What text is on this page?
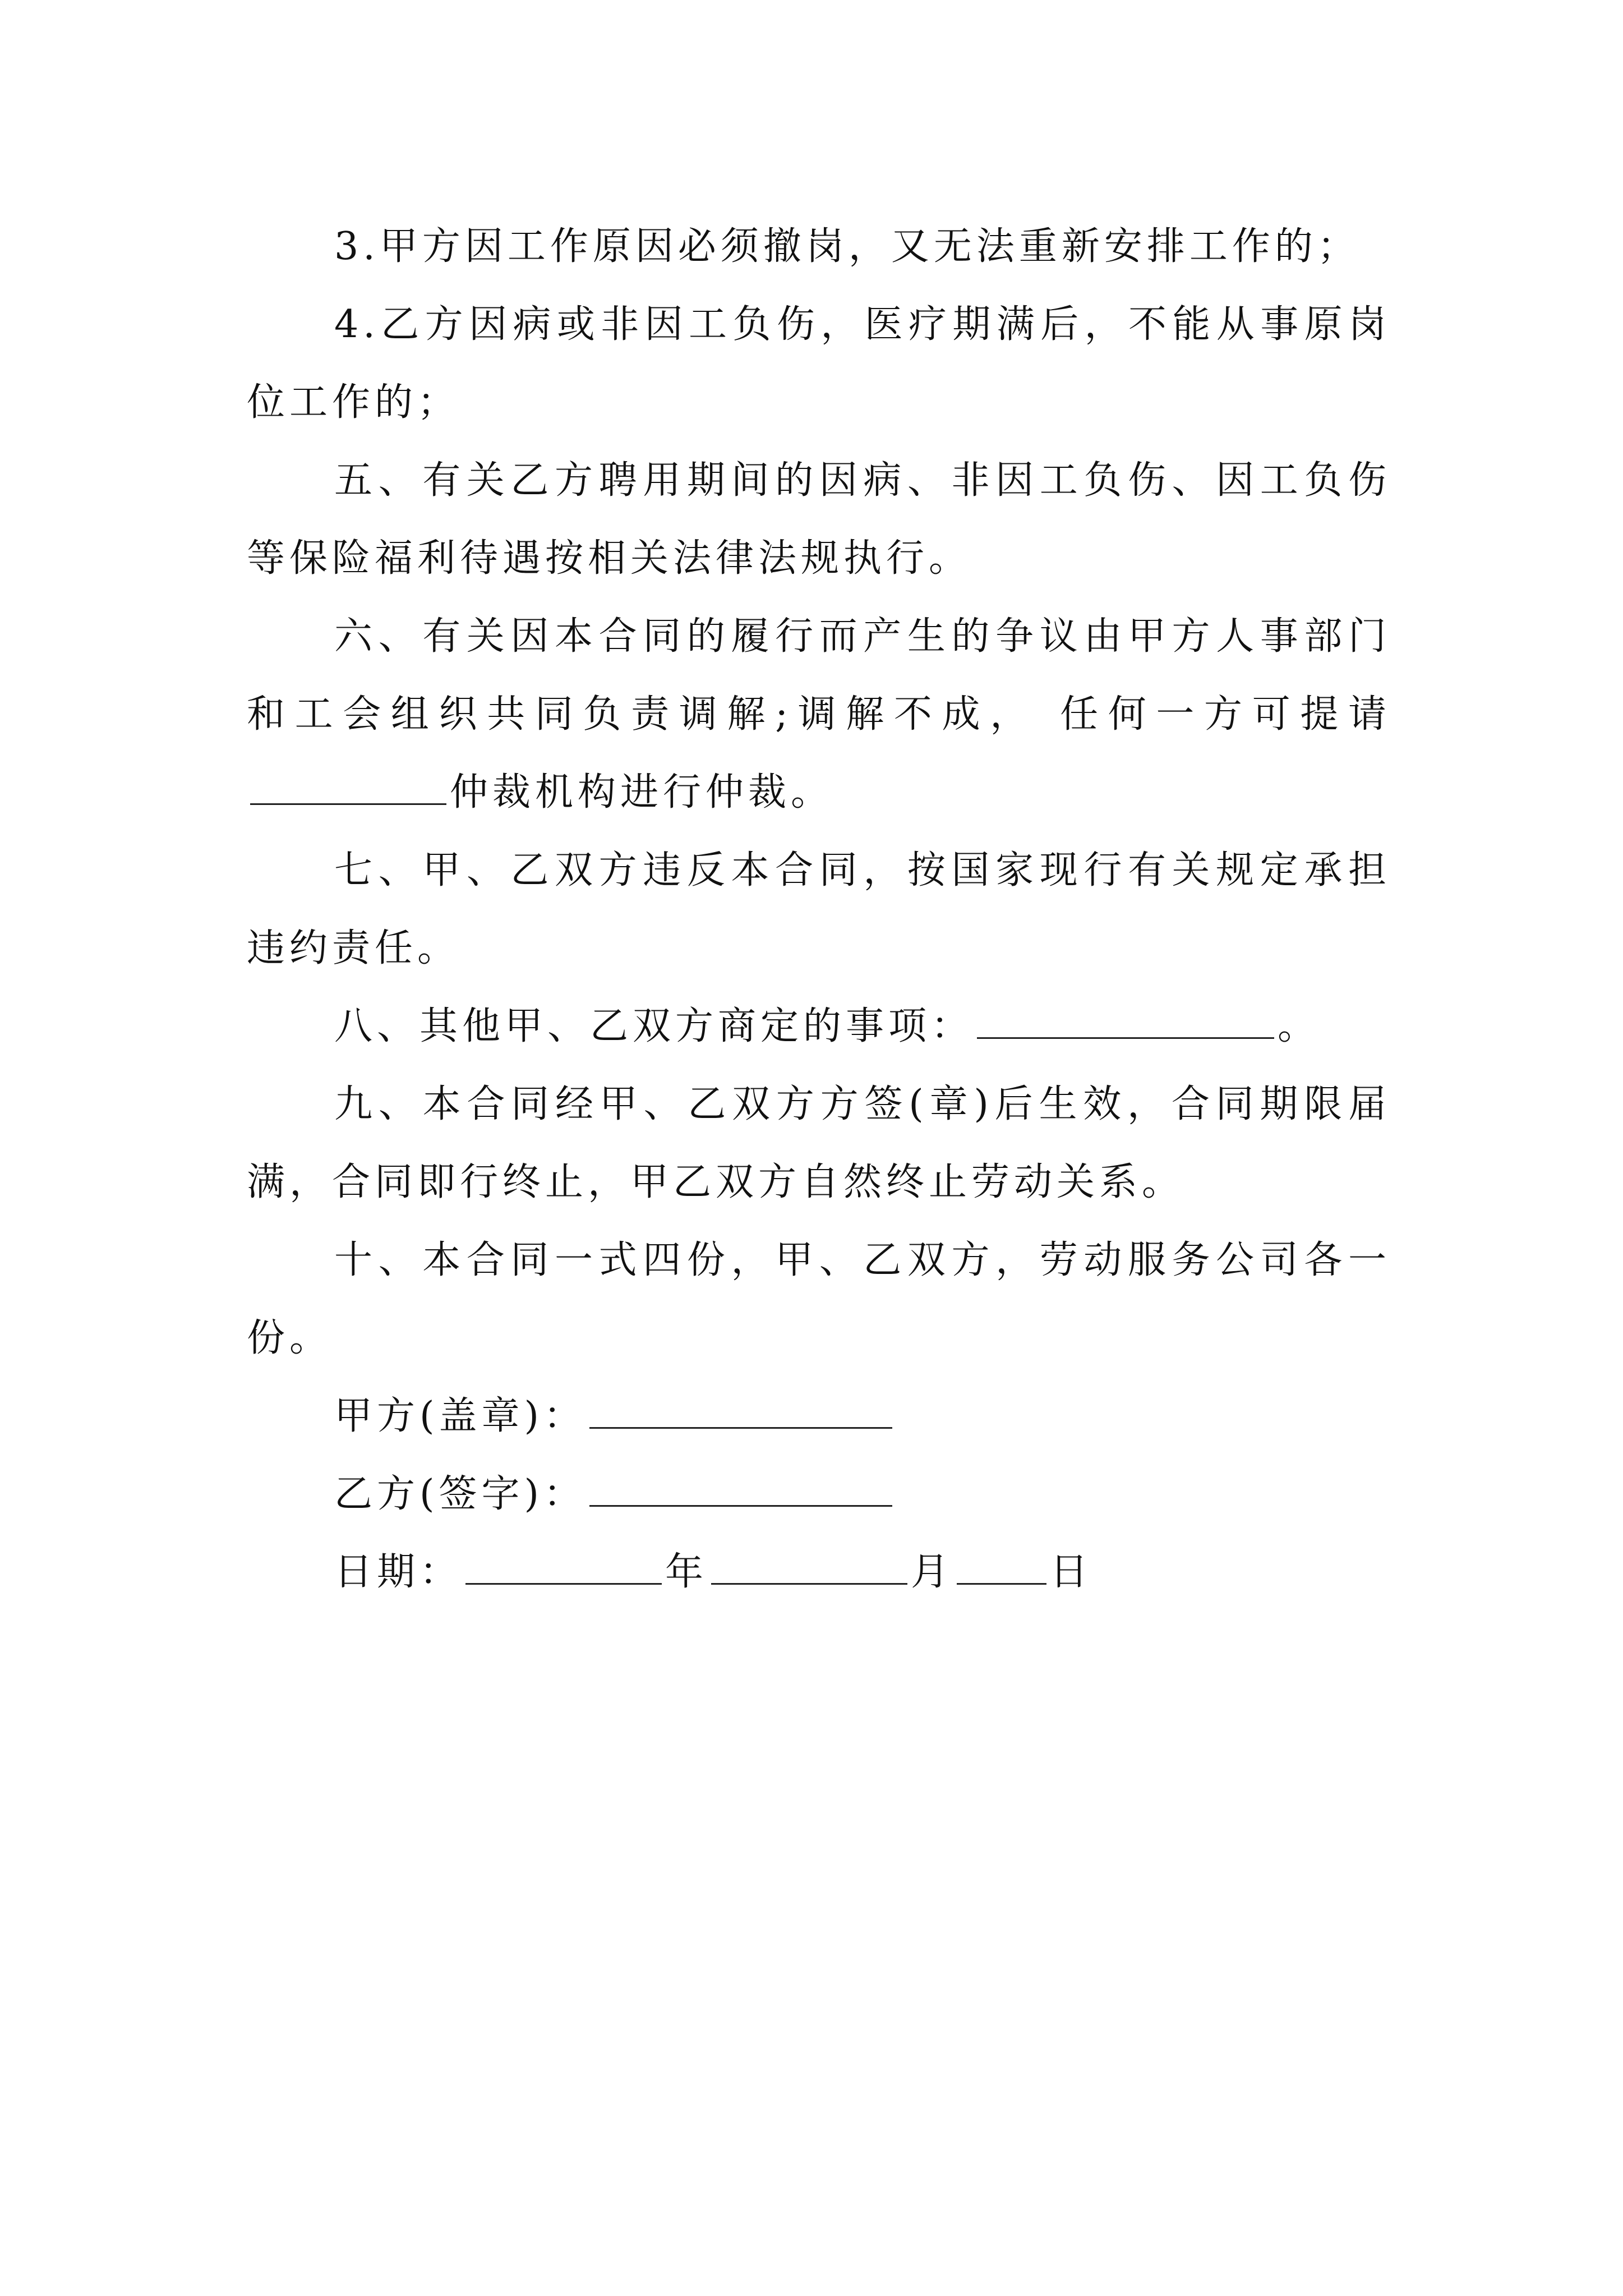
3.甲方因工作原因必须撤岗，又无法重新安排工作的；

4.乙方因病或非因工负伤，医疗期满后，不能从事原岗位工作的；

五、有关乙方聘用期间的因病、非因工负伤、因工负伤等保险福利待遇按相关法律法规执行。

六、有关因本合同的履行而产生的争议由甲方人事部门和工会组织共同负责调解;调解不成， 任何一方可提请仲裁机构进行仲裁。

七、甲、乙双方违反本合同，按国家现行有关规定承担违约责任。

八、其他甲、乙双方商定的事项：	。

九、本合同经甲、乙双方方签(章)后生效，合同期限届满，合同即行终止，甲乙双方自然终止劳动关系。

十、本合同一式四份，甲、乙双方，劳动服务公司各一份。

甲方(盖章)：

乙方(签字)：

日期：	年	月	日
